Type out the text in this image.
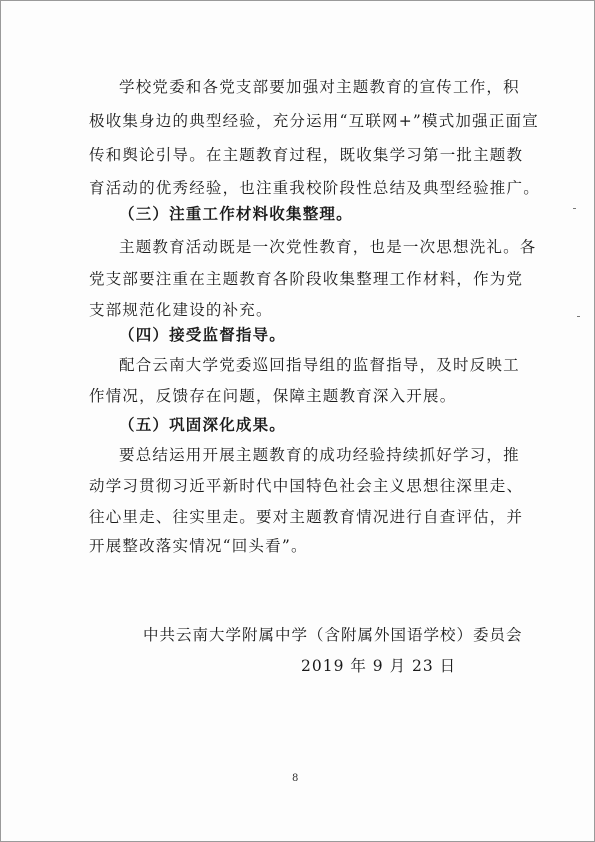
学校党委和各党支部要加强对主题教育的宣传工作，积
极收集身边的典型经验，充分运用“互联网+”模式加强正面宣
传和舆论引导。在主题教育过程，既收集学习第一批主题教
育活动的优秀经验，也注重我校阶段性总结及典型经验推广。
（三）注重工作材料收集整理。
主题教育活动既是一次党性教育，也是一次思想洗礼。各
党支部要注重在主题教育各阶段收集整理工作材料，作为党
支部规范化建设的补充。
（四）接受监督指导。
配合云南大学党委巡回指导组的监督指导，及时反映工
作情况，反馈存在问题，保障主题教育深入开展。
（五）巩固深化成果。
要总结运用开展主题教育的成功经验持续抓好学习，推
动学习贯彻习近平新时代中国特色社会主义思想往深里走、
往心里走、往实里走。要对主题教育情况进行自查评估，并
开展整改落实情况“回头看”。
中共云南大学附属中学（含附属外国语学校）委员会
2019 年 9 月 23 日
8
